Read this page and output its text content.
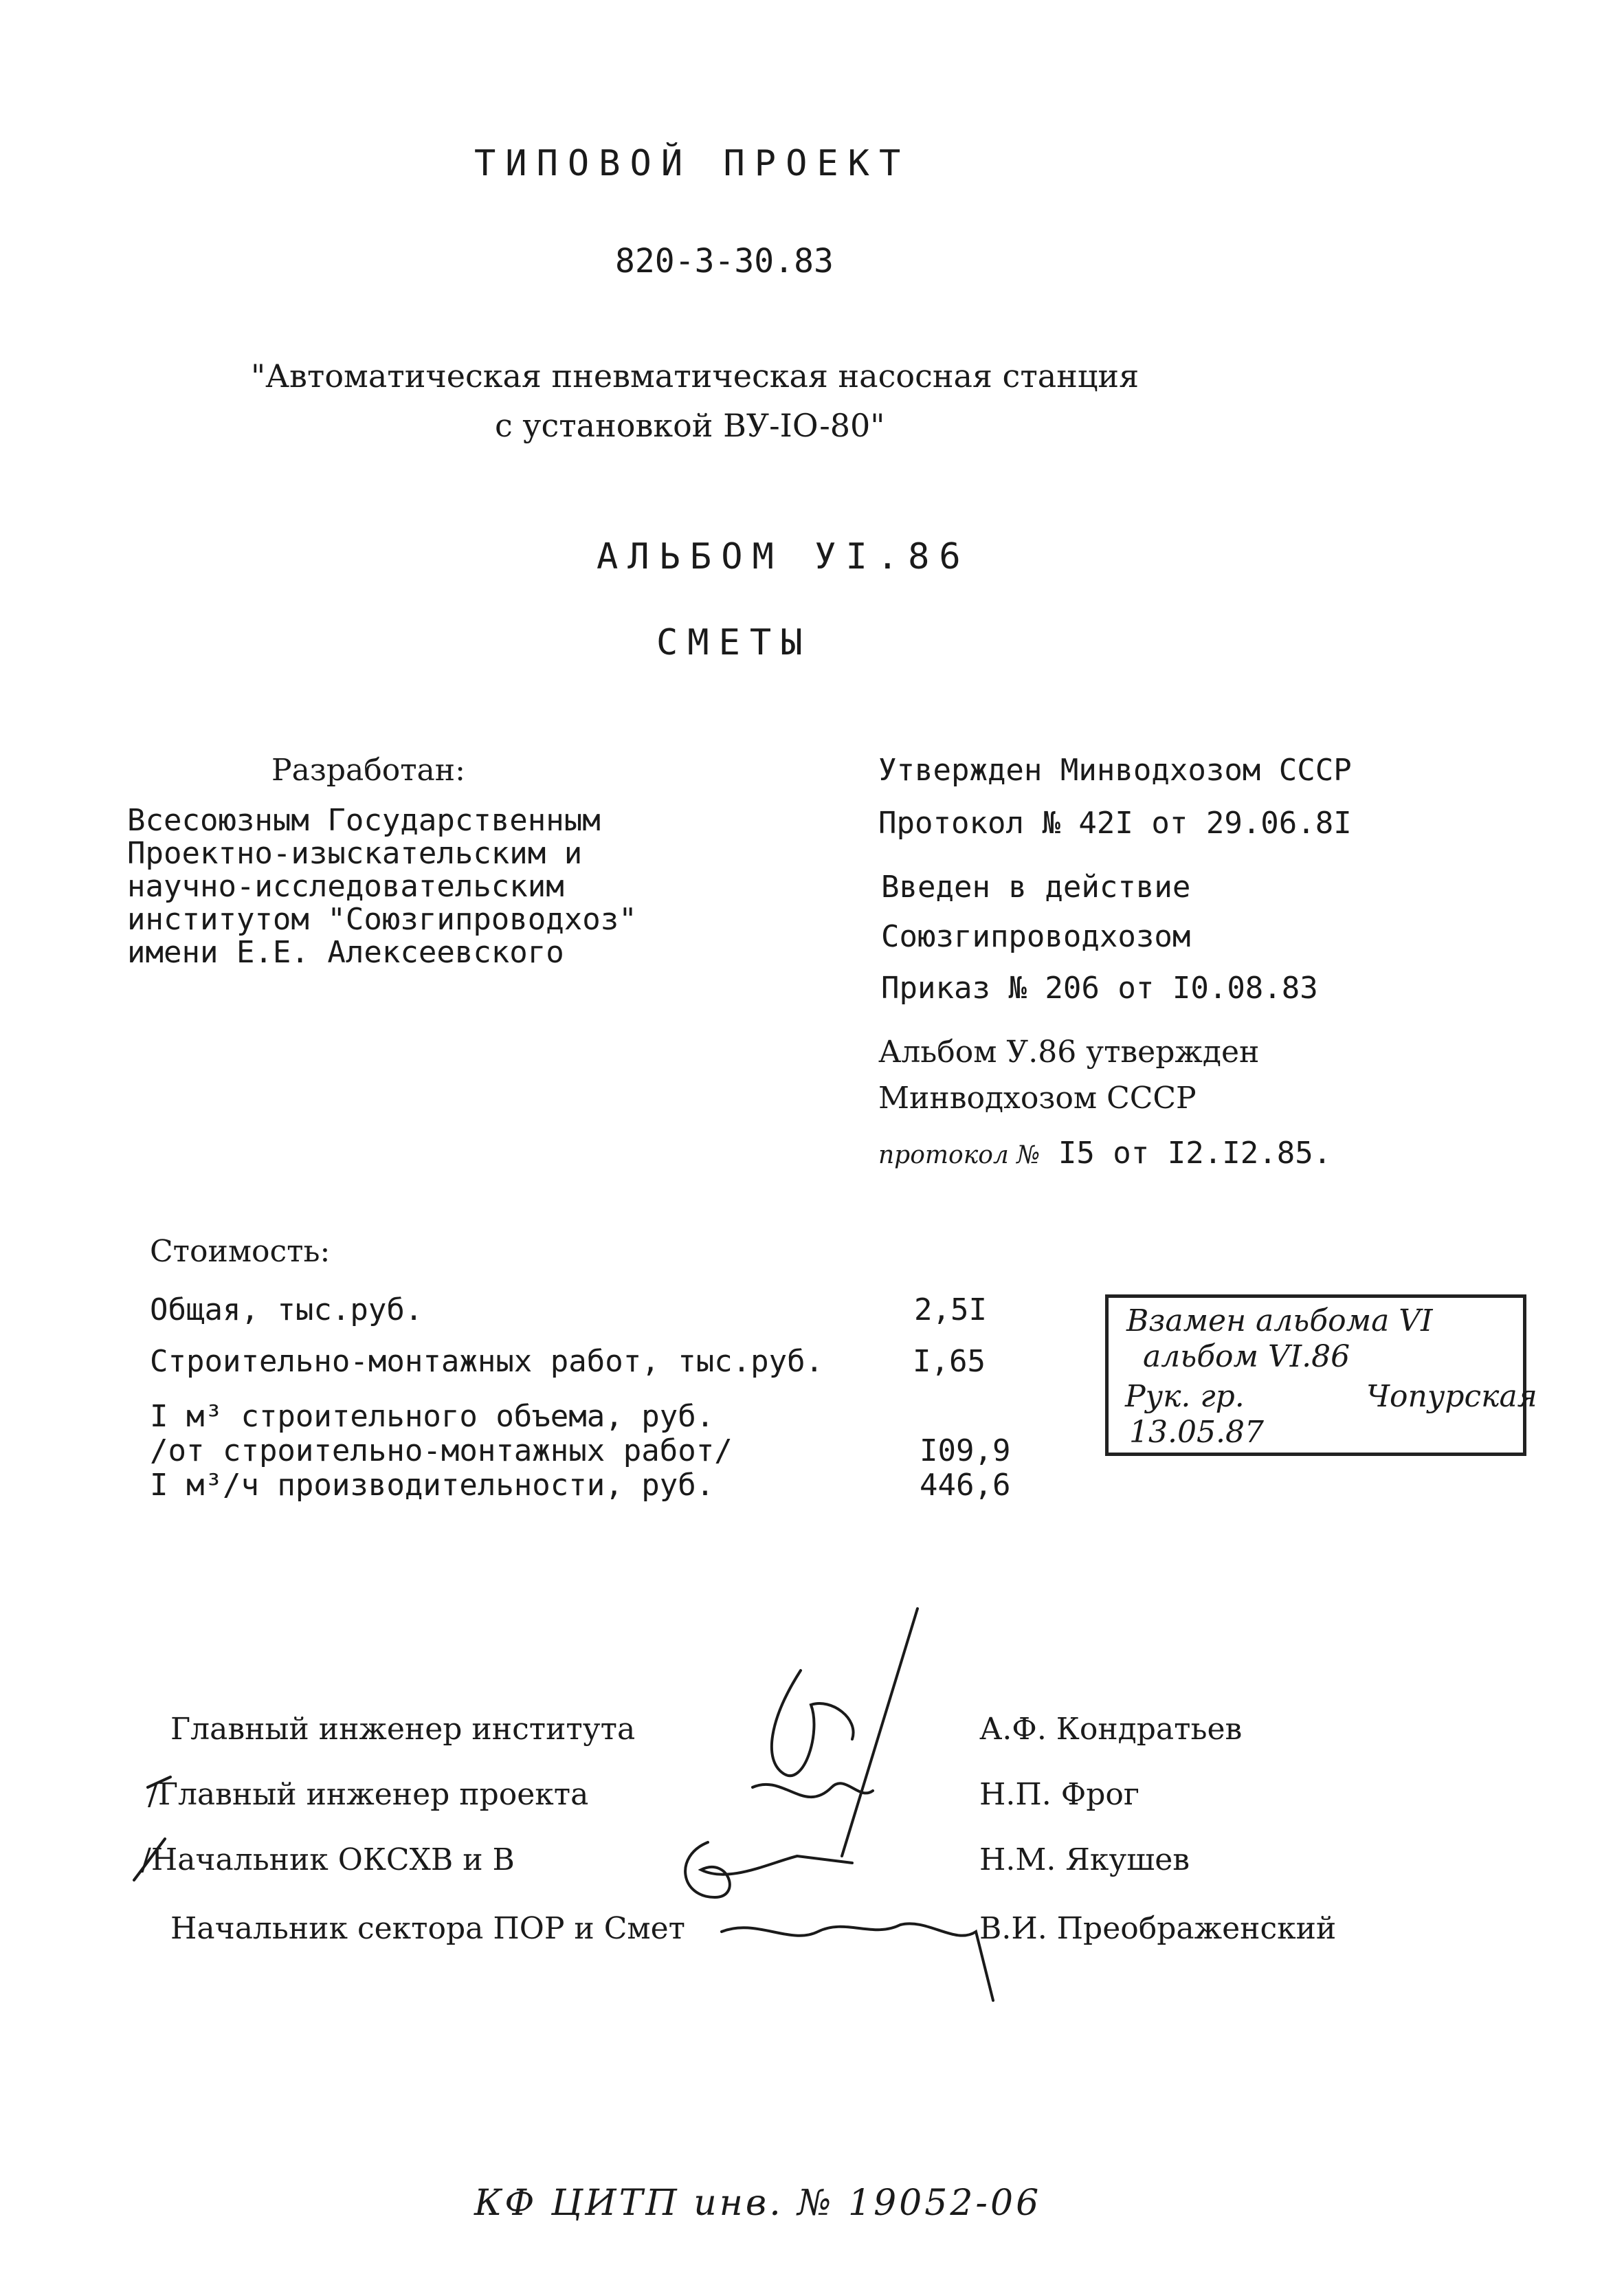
ТИПОВОЙ ПРОЕКТ
820-3-30.83
"Автоматическая пневматическая насосная станция
с установкой ВУ-IO-80"
АЛЬБОМ УI.86
СМЕТЫ
Разработан:

Всесоюзным Государственным

Проектно-изыскательским и

научно-исследовательским

институтом "Союзгипроводхоз"

имени Е.Е. Алексеевского

Утвержден Минводхозом СССР
Протокол № 42I от 29.06.8I
Введен в действие
Союзгипроводхозом
Приказ № 206 от I0.08.83
Альбом У.86 утвержден
Минводхозом СССР
протокол № I5 от I2.I2.85.
Стоимость:
Общая, тыс.руб.	2,5I
Строительно-монтажных работ, тыс.руб.	I,65
I м³ строительного объема, руб.
/от строительно-монтажных работ/	I09,9
I м³/ч производительности, руб.	446,6
Взамен альбома VI
альбом VI.86
Рук. гр.	Чопурская
13.05.87
Главный инженер института	А.Ф. Кондратьев
/Главный инженер проекта	Н.П. Фрог
/Начальник ОКСХВ и В	Н.М. Якушев
Начальник сектора ПОР и Смет	В.И. Преображенский
КФ ЦИТП инв. № 19052-06
